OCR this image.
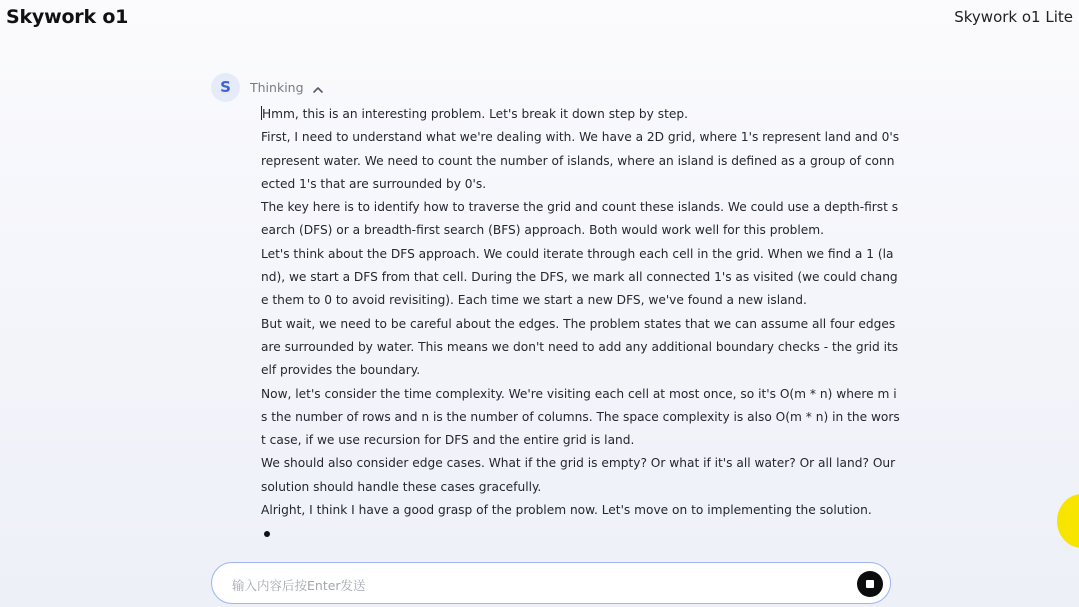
Skywork o1	Skywork o1 Lite
S	Thinking

Hmm, this is an interesting problem. Let's break it down step by step.

First, I need to understand what we're dealing with. We have a 2D grid, where 1's represent land and 0's represent water. We need to count the number of islands, where an island is defined as a group of connected 1's that are surrounded by 0's.

The key here is to identify how to traverse the grid and count these islands. We could use a depth-first search (DFS) or a breadth-first search (BFS) approach. Both would work well for this problem.

Let's think about the DFS approach. We could iterate through each cell in the grid. When we find a 1 (land), we start a DFS from that cell. During the DFS, we mark all connected 1's as visited (we could change them to 0 to avoid revisiting). Each time we start a new DFS, we've found a new island.

But wait, we need to be careful about the edges. The problem states that we can assume all four edges are surrounded by water. This means we don't need to add any additional boundary checks - the grid itself provides the boundary.

Now, let's consider the time complexity. We're visiting each cell at most once, so it's O(m * n) where m is the number of rows and n is the number of columns. The space complexity is also O(m * n) in the worst case, if we use recursion for DFS and the entire grid is land.

We should also consider edge cases. What if the grid is empty? Or what if it's all water? Or all land? Our solution should handle these cases gracefully.

Alright, I think I have a good grasp of the problem now. Let's move on to implementing the solution.

输入内容后按Enter发送
